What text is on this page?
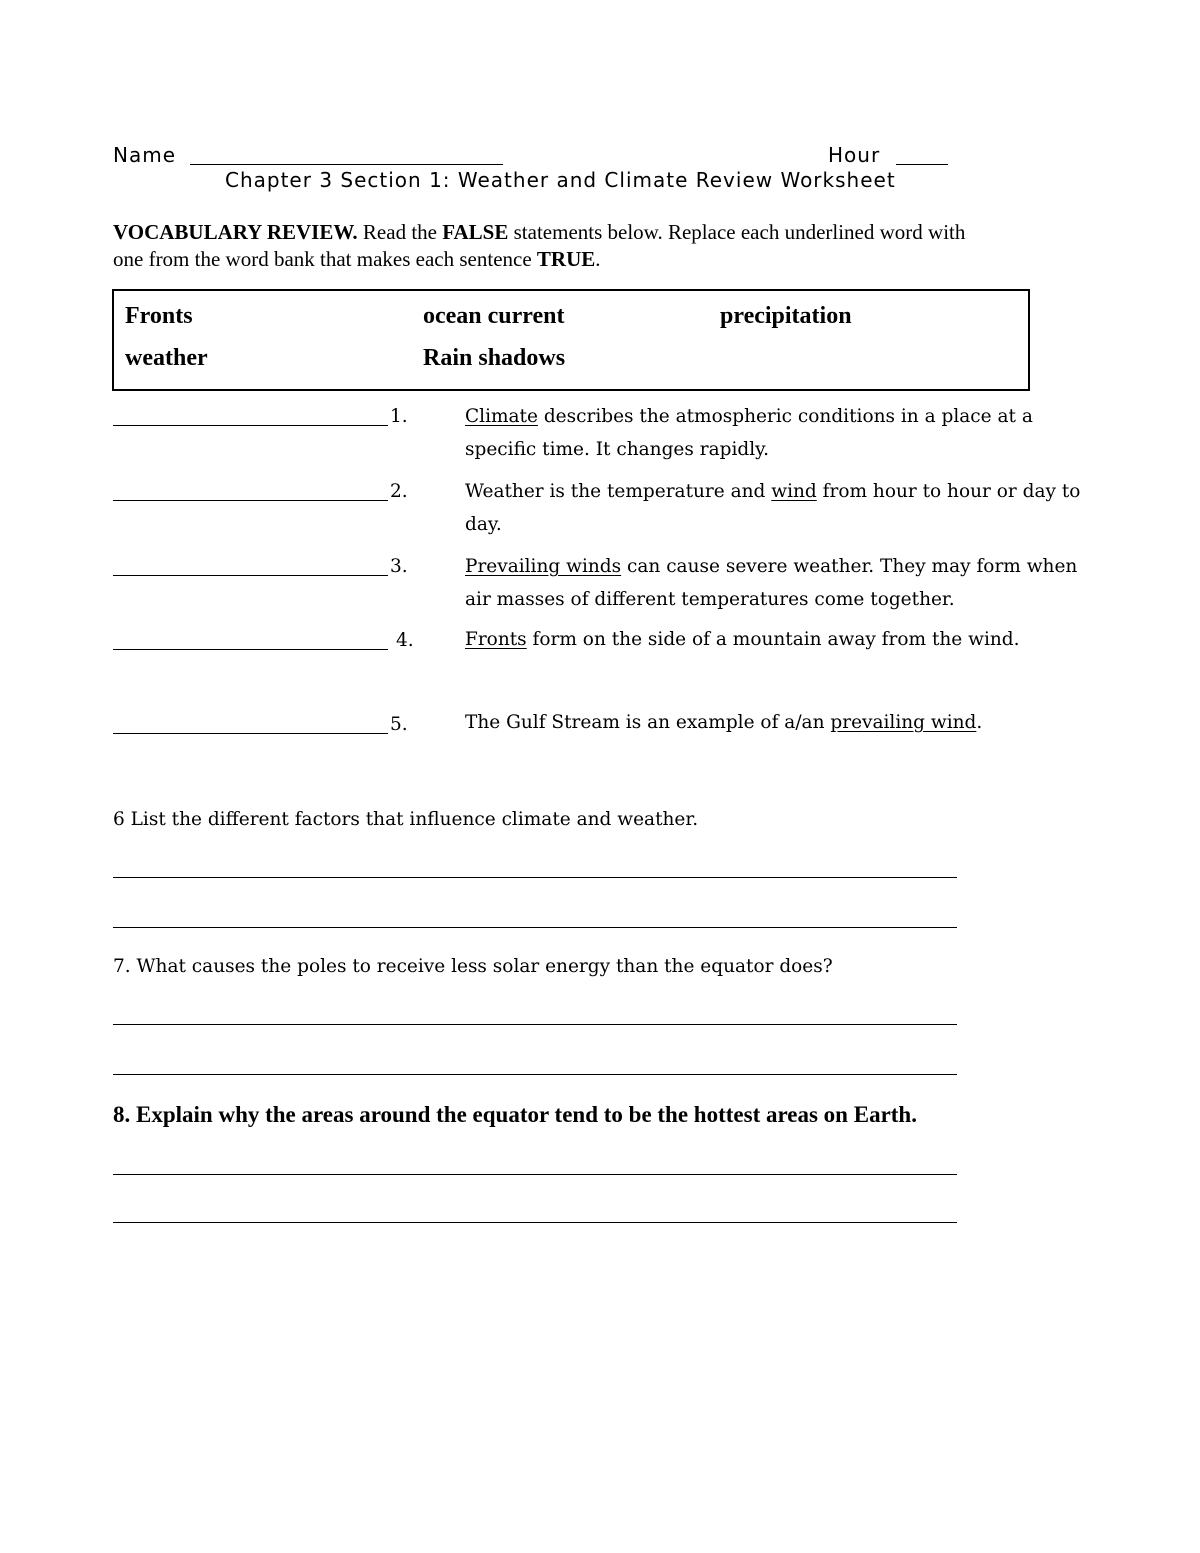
Name	Hour
Chapter 3 Section 1: Weather and Climate Review Worksheet
VOCABULARY REVIEW. Read the FALSE statements below. Replace each underlined word with
one from the word bank that makes each sentence TRUE.
Fronts	ocean current	precipitation
weather	Rain shadows
1.	Climate describes the atmospheric conditions in a place at a specific time. It changes rapidly.
2.	Weather is the temperature and wind from hour to hour or day to day.
3.	Prevailing winds can cause severe weather. They may form when air masses of different temperatures come together.
4.	Fronts form on the side of a mountain away from the wind.
5.	The Gulf Stream is an example of a/an prevailing wind.
6 List the different factors that influence climate and weather.
7. What causes the poles to receive less solar energy than the equator does?
8. Explain why the areas around the equator tend to be the hottest areas on Earth.
